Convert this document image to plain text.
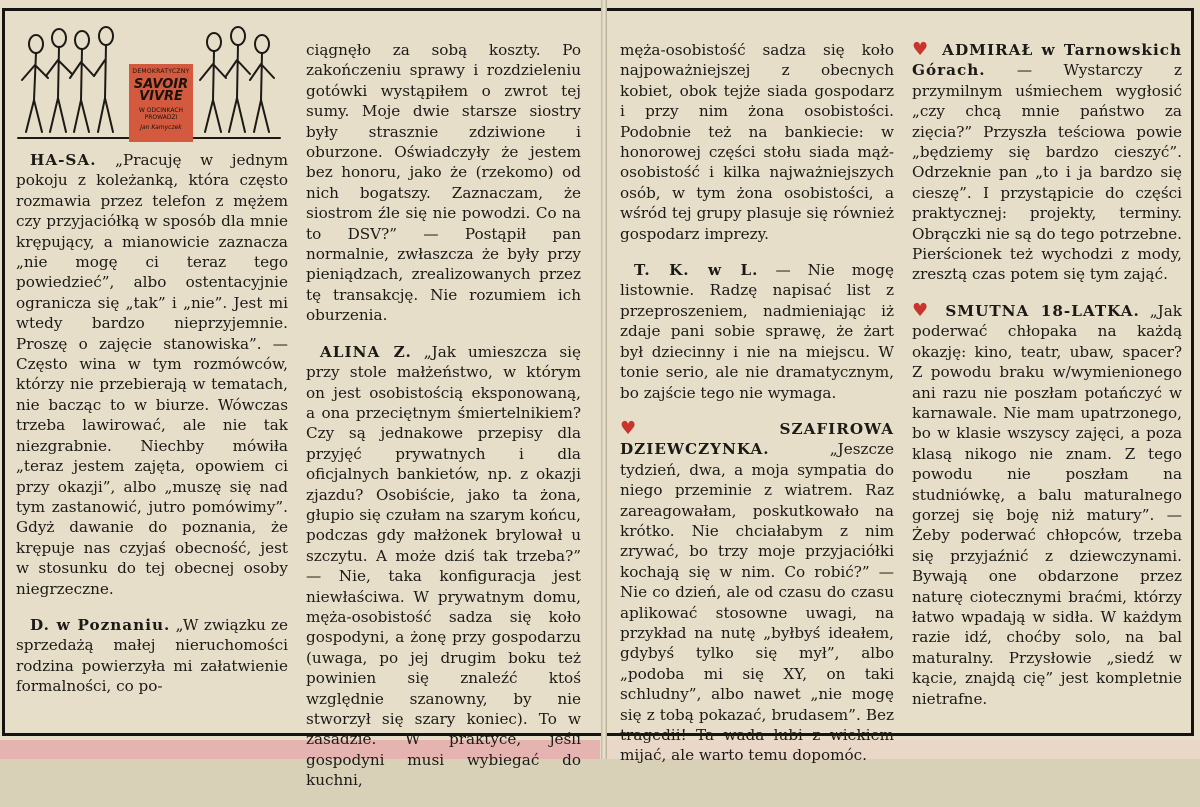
DEMOKRATYCZNY
SAVOIR VIVRE
W ODCINKACH PROWADZI
Jan Kamyczek

HA-SA. „Pracuję w jednym pokoju z koleżanką, która często rozmawia przez telefon z mężem czy przyjaciółką w sposób dla mnie krępujący, a mianowicie zaznacza „nie mogę ci teraz tego powiedzieć”, albo ostentacyjnie ogranicza się „tak” i „nie”. Jest mi wtedy bardzo nieprzyjemnie. Proszę o zajęcie stanowiska”. — Często wina w tym rozmówców, którzy nie przebierają w tematach, nie bacząc to w biurze. Wówczas trzeba lawirować, ale nie tak niezgrabnie. Niechby mówiła „teraz jestem zajęta, opowiem ci przy okazji”, albo „muszę się nad tym zastanowić, jutro pomówimy”. Gdyż dawanie do poznania, że krępuje nas czyjaś obecność, jest w stosunku do tej obecnej osoby niegrzeczne.

D. w Poznaniu. „W związku ze sprzedażą małej nieruchomości rodzina powierzyła mi załatwienie formalności, co po-

ciągnęło za sobą koszty. Po zakończeniu sprawy i rozdzieleniu gotówki wystąpiłem o zwrot tej sumy. Moje dwie starsze siostry były strasznie zdziwione i oburzone. Oświadczyły że jestem bez honoru, jako że (rzekomo) od nich bogatszy. Zaznaczam, że siostrom źle się nie powodzi. Co na to DSV?” — Postąpił pan normalnie, zwłaszcza że były przy pieniądzach, zrealizowanych przez tę transakcję. Nie rozumiem ich oburzenia.

ALINA Z. „Jak umieszcza się przy stole małżeństwo, w którym on jest osobistością eksponowaną, a ona przeciętnym śmiertelnikiem? Czy są jednakowe przepisy dla przyjęć prywatnych i dla oficjalnych bankietów, np. z okazji zjazdu? Osobiście, jako ta żona, głupio się czułam na szarym końcu, podczas gdy małżonek brylował u szczytu. A może dziś tak trzeba?” — Nie, taka konfiguracja jest niewłaściwa. W prywatnym domu, męża-osobistość sadza się koło gospodyni, a żonę przy gospodarzu (uwaga, po jej drugim boku też powinien się znaleźć ktoś względnie szanowny, by nie stworzył się szary koniec). To w zasadzie. W praktyce, jeśli gospodyni musi wybiegać do kuchni,

męża-osobistość sadza się koło najpoważniejszej z obecnych kobiet, obok tejże siada gospodarz i przy nim żona osobistości. Podobnie też na bankiecie: w honorowej części stołu siada mąż-osobistość i kilka najważniejszych osób, w tym żona osobistości, a wśród tej grupy plasuje się również gospodarz imprezy.

T. K. w L. — Nie mogę listownie. Radzę napisać list z przeproszeniem, nadmieniając iż zdaje pani sobie sprawę, że żart był dziecinny i nie na miejscu. W tonie serio, ale nie dramatycznym, bo zajście tego nie wymaga.

♥ SZAFIROWA DZIEWCZYNKA. „Jeszcze tydzień, dwa, a moja sympatia do niego przeminie z wiatrem. Raz zareagowałam, poskutkowało na krótko. Nie chciałabym z nim zrywać, bo trzy moje przyjaciółki kochają się w nim. Co robić?” — Nie co dzień, ale od czasu do czasu aplikować stosowne uwagi, na przykład na nutę „byłbyś ideałem, gdybyś tylko się mył”, albo „podoba mi się XY, on taki schludny”, albo nawet „nie mogę się z tobą pokazać, brudasem”. Bez tragedii! Ta wada lubi z wiekiem mijać, ale warto temu dopomóc.

♥ ADMIRAŁ w Tarnowskich Górach. — Wystarczy z przymilnym uśmiechem wygłosić „czy chcą mnie państwo za zięcia?” Przyszła teściowa powie „będziemy się bardzo cieszyć”. Odrzeknie pan „to i ja bardzo się cieszę”. I przystąpicie do części praktycznej: projekty, terminy. Obrączki nie są do tego potrzebne. Pierścionek też wychodzi z mody, zresztą czas potem się tym zająć.

♥ SMUTNA 18-LATKA. „Jak poderwać chłopaka na każdą okazję: kino, teatr, ubaw, spacer? Z powodu braku w/wymienionego ani razu nie poszłam potańczyć w karnawale. Nie mam upatrzonego, bo w klasie wszyscy zajęci, a poza klasą nikogo nie znam. Z tego powodu nie poszłam na studniówkę, a balu maturalnego gorzej się boję niż matury”. — Żeby poderwać chłopców, trzeba się przyjaźnić z dziewczynami. Bywają one obdarzone przez naturę ciotecznymi braćmi, którzy łatwo wpadają w sidła. W każdym razie idź, choćby solo, na bal maturalny. Przysłowie „siedź w kącie, znajdą cię” jest kompletnie nietrafne.
